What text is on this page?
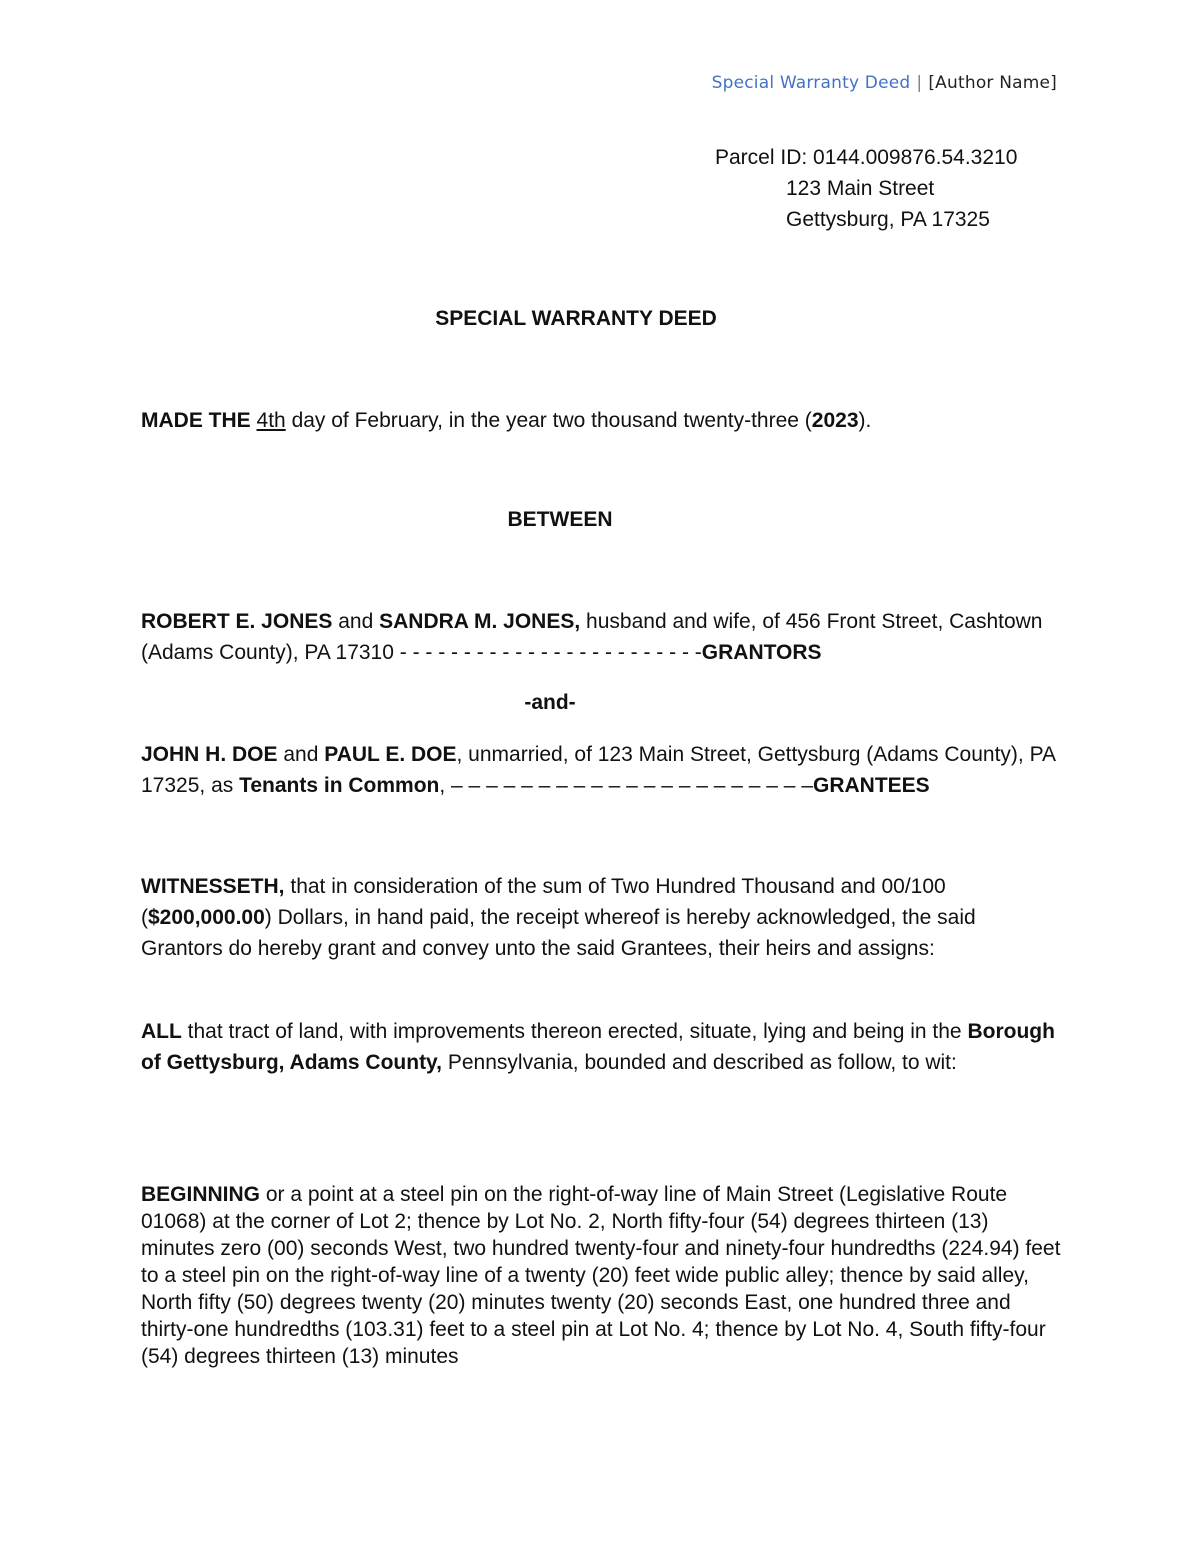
Special Warranty Deed | [Author Name]
Parcel ID: 0144.009876.54.3210
123 Main Street
Gettysburg, PA 17325
SPECIAL WARRANTY DEED
MADE THE 4th day of February, in the year two thousand twenty-three (2023).
BETWEEN
ROBERT E. JONES and SANDRA M. JONES, husband and wife, of 456 Front Street, Cashtown (Adams County), PA 17310 - - - - - - - - - - - - - - - - - - - - - - - -GRANTORS
-and-
JOHN H. DOE and PAUL E. DOE, unmarried, of 123 Main Street, Gettysburg (Adams County), PA 17325, as Tenants in Common, – – – – – – – – – – – – – – – – – – – – –GRANTEES
WITNESSETH, that in consideration of the sum of Two Hundred Thousand and 00/100 ($200,000.00) Dollars, in hand paid, the receipt whereof is hereby acknowledged, the said Grantors do hereby grant and convey unto the said Grantees, their heirs and assigns:
ALL that tract of land, with improvements thereon erected, situate, lying and being in the Borough of Gettysburg, Adams County, Pennsylvania, bounded and described as follow, to wit:
BEGINNING or a point at a steel pin on the right-of-way line of Main Street (Legislative Route 01068) at the corner of Lot 2; thence by Lot No. 2, North fifty-four (54) degrees thirteen (13) minutes zero (00) seconds West, two hundred twenty-four and ninety-four hundredths (224.94) feet to a steel pin on the right-of-way line of a twenty (20) feet wide public alley; thence by said alley, North fifty (50) degrees twenty (20) minutes twenty (20) seconds East, one hundred three and thirty-one hundredths (103.31) feet to a steel pin at Lot No. 4; thence by Lot No. 4, South fifty-four (54) degrees thirteen (13) minutes
